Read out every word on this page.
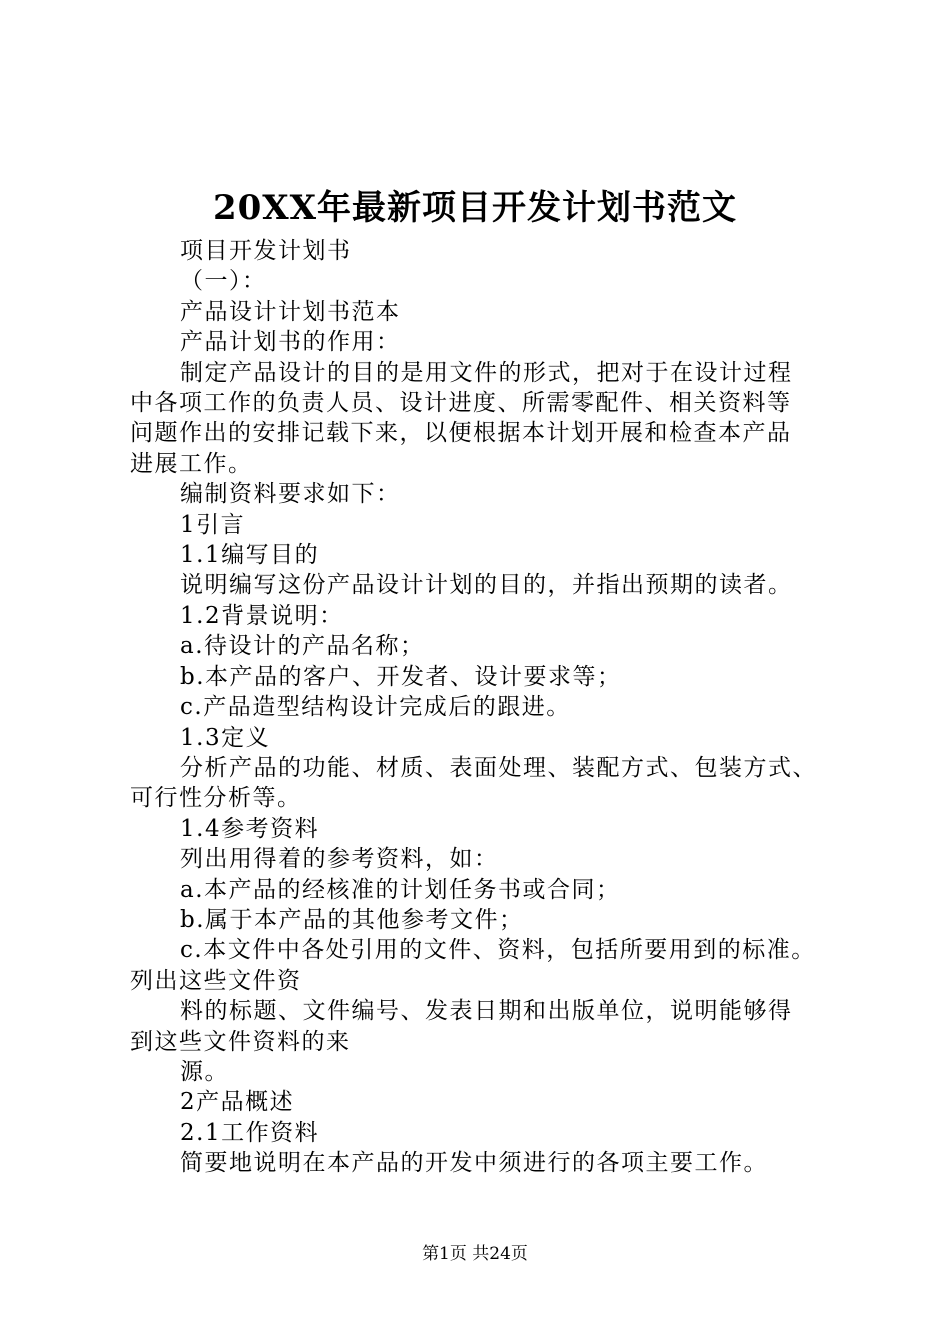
20XX年最新项目开发计划书范文

项目开发计划书

（一）：

产品设计计划书范本

产品计划书的作用：

制定产品设计的目的是用文件的形式，把对于在设计过程

中各项工作的负责人员、设计进度、所需零配件、相关资料等

问题作出的安排记载下来，以便根据本计划开展和检查本产品

进展工作。

编制资料要求如下：

1引言

1.1编写目的

说明编写这份产品设计计划的目的，并指出预期的读者。

1.2背景说明：

a.待设计的产品名称；

b.本产品的客户、开发者、设计要求等；

c.产品造型结构设计完成后的跟进。

1.3定义

分析产品的功能、材质、表面处理、装配方式、包装方式、

可行性分析等。

1.4参考资料

列出用得着的参考资料，如：

a.本产品的经核准的计划任务书或合同；

b.属于本产品的其他参考文件；

c.本文件中各处引用的文件、资料，包括所要用到的标准。

列出这些文件资

料的标题、文件编号、发表日期和出版单位，说明能够得

到这些文件资料的来

源。

2产品概述

2.1工作资料

简要地说明在本产品的开发中须进行的各项主要工作。

第1页 共24页
